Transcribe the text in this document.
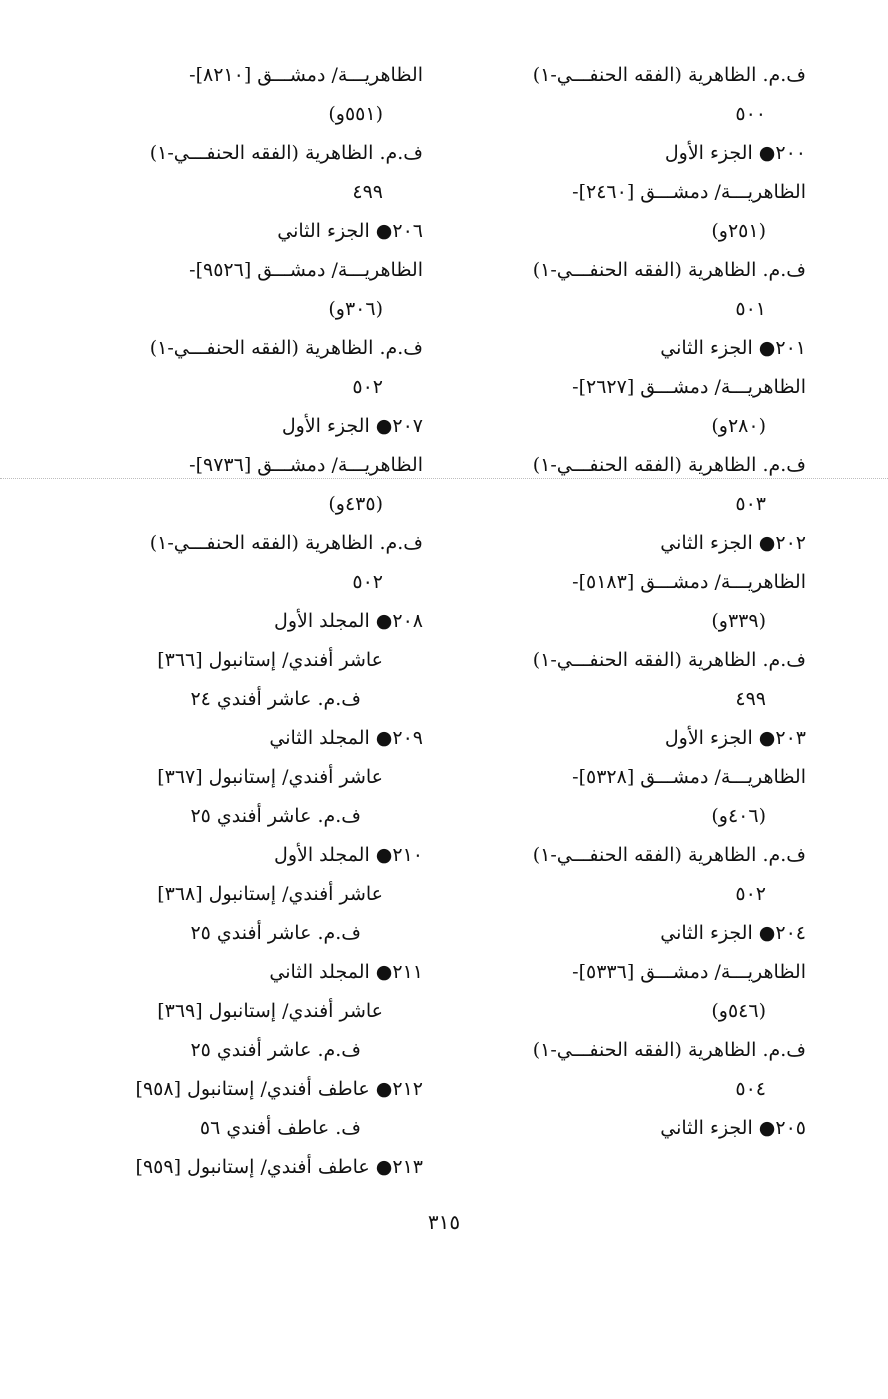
ف.م. الظاهرية (الفقه الحنفـــي-١)
٥٠٠
٢٠٠● الجزء الأول
الظاهريـــة/ دمشـــق [٢٤٦٠]-
(٢٥١و)
ف.م. الظاهرية (الفقه الحنفـــي-١)
٥٠١
٢٠١● الجزء الثاني
الظاهريـــة/ دمشـــق [٢٦٢٧]-
(٢٨٠و)
ف.م. الظاهرية (الفقه الحنفـــي-١)
٥٠٣
٢٠٢● الجزء الثاني
الظاهريـــة/ دمشـــق [٥١٨٣]-
(٣٣٩و)
ف.م. الظاهرية (الفقه الحنفـــي-١)
٤٩٩
٢٠٣● الجزء الأول
الظاهريـــة/ دمشـــق [٥٣٢٨]-
(٤٠٦و)
ف.م. الظاهرية (الفقه الحنفـــي-١)
٥٠٢
٢٠٤● الجزء الثاني
الظاهريـــة/ دمشـــق [٥٣٣٦]-
(٥٤٦و)
ف.م. الظاهرية (الفقه الحنفـــي-١)
٥٠٤
٢٠٥● الجزء الثاني
الظاهريـــة/ دمشـــق [٨٢١٠]-
(٥٥١و)
ف.م. الظاهرية (الفقه الحنفـــي-١)
٤٩٩
٢٠٦● الجزء الثاني
الظاهريـــة/ دمشـــق [٩٥٢٦]-
(٣٠٦و)
ف.م. الظاهرية (الفقه الحنفـــي-١)
٥٠٢
٢٠٧● الجزء الأول
الظاهريـــة/ دمشـــق [٩٧٣٦]-
(٤٣٥و)
ف.م. الظاهرية (الفقه الحنفـــي-١)
٥٠٢
٢٠٨● المجلد الأول
عاشر أفندي/ إستانبول [٣٦٦]
ف.م. عاشر أفندي ٢٤
٢٠٩● المجلد الثاني
عاشر أفندي/ إستانبول [٣٦٧]
ف.م. عاشر أفندي ٢٥
٢١٠● المجلد الأول
عاشر أفندي/ إستانبول [٣٦٨]
ف.م. عاشر أفندي ٢٥
٢١١● المجلد الثاني
عاشر أفندي/ إستانبول [٣٦٩]
ف.م. عاشر أفندي ٢٥
٢١٢● عاطف أفندي/ إستانبول [٩٥٨]
ف. عاطف أفندي ٥٦
٢١٣● عاطف أفندي/ إستانبول [٩٥٩]
٣١٥
